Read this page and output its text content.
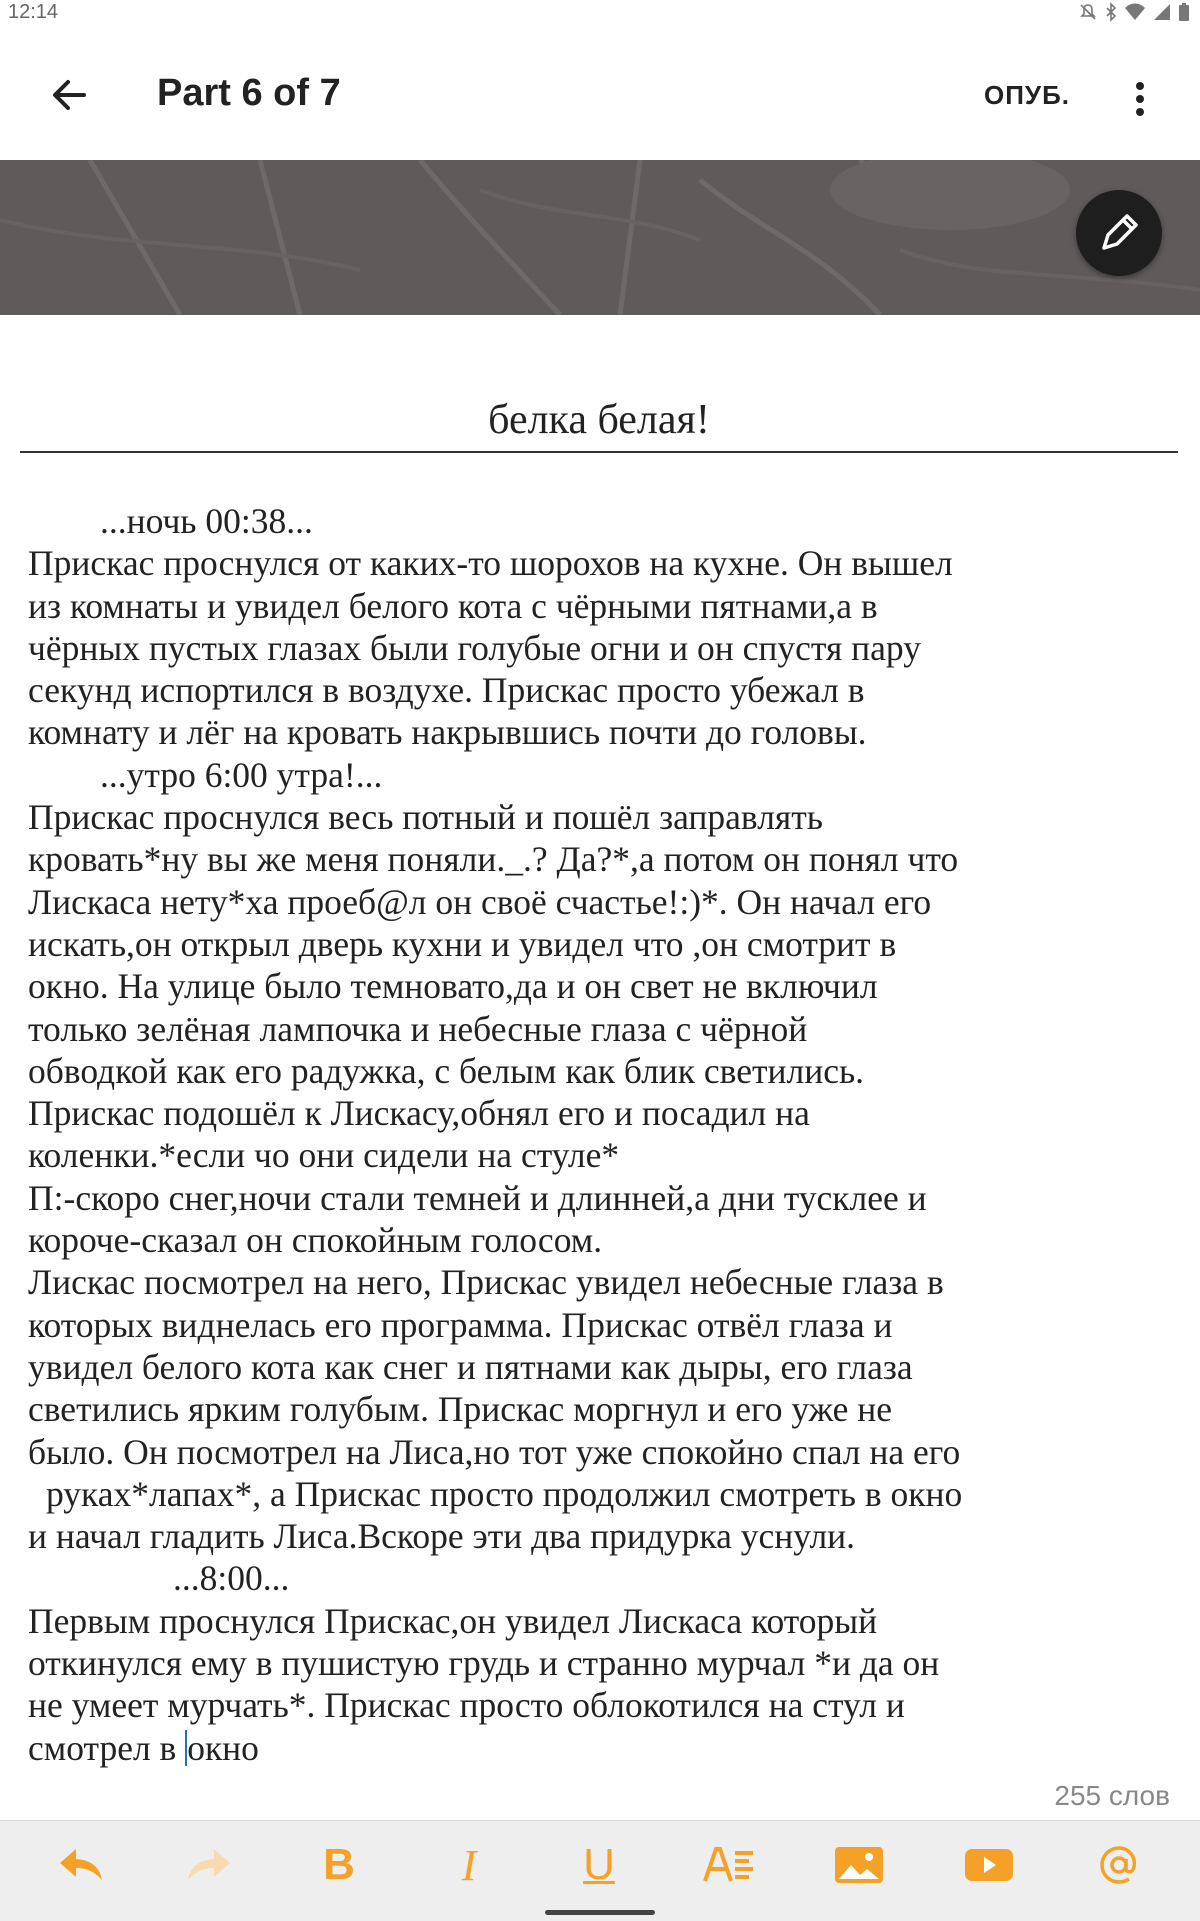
12:14
Part 6 of 7	ОПУБ.
белка белая!

...ночь 00:38...

Прискас проснулся от каких-то шорохов на кухне. Он вышел

из комнаты и увидел белого кота с чёрными пятнами,а в

чёрных пустых глазах были голубые огни и он спустя пару

секунд испортился в воздухе. Прискас просто убежал в

комнату и лёг на кровать накрывшись почти до головы.

...утро 6:00 утра!...

Прискас проснулся весь потный и пошёл заправлять

кровать*ну вы же меня поняли._.? Да?*,а потом он понял что

Лискаса нету*ха проеб@л он своё счастье!:)*. Он начал его

искать,он открыл дверь кухни и увидел что ,он смотрит в

окно. На улице было темновато,да и он свет не включил

только зелёная лампочка и небесные глаза с чёрной

обводкой как его радужка, с белым как блик светились.

Прискас подошёл к Лискасу,обнял его и посадил на

коленки.*если чо они сидели на стуле*

П:-скоро снег,ночи стали темней и длинней,а дни тусклее и

короче-сказал он спокойным голосом.

Лискас посмотрел на него, Прискас увидел небесные глаза в

которых виднелась его программа. Прискас отвёл глаза и

увидел белого кота как снег и пятнами как дыры, его глаза

светились ярким голубым. Прискас моргнул и его уже не

было. Он посмотрел на Лиса,но тот уже спокойно спал на его

руках*лапах*, а Прискас просто продолжил смотреть в окно

и начал гладить Лиса.Вскоре эти два придурка уснули.

...8:00...

Первым проснулся Прискас,он увидел Лискаса который

откинулся ему в пушистую грудь и странно мурчал *и да он

не умеет мурчать*. Прискас просто облокотился на стул и

смотрел в окно

255 слов
B I U
